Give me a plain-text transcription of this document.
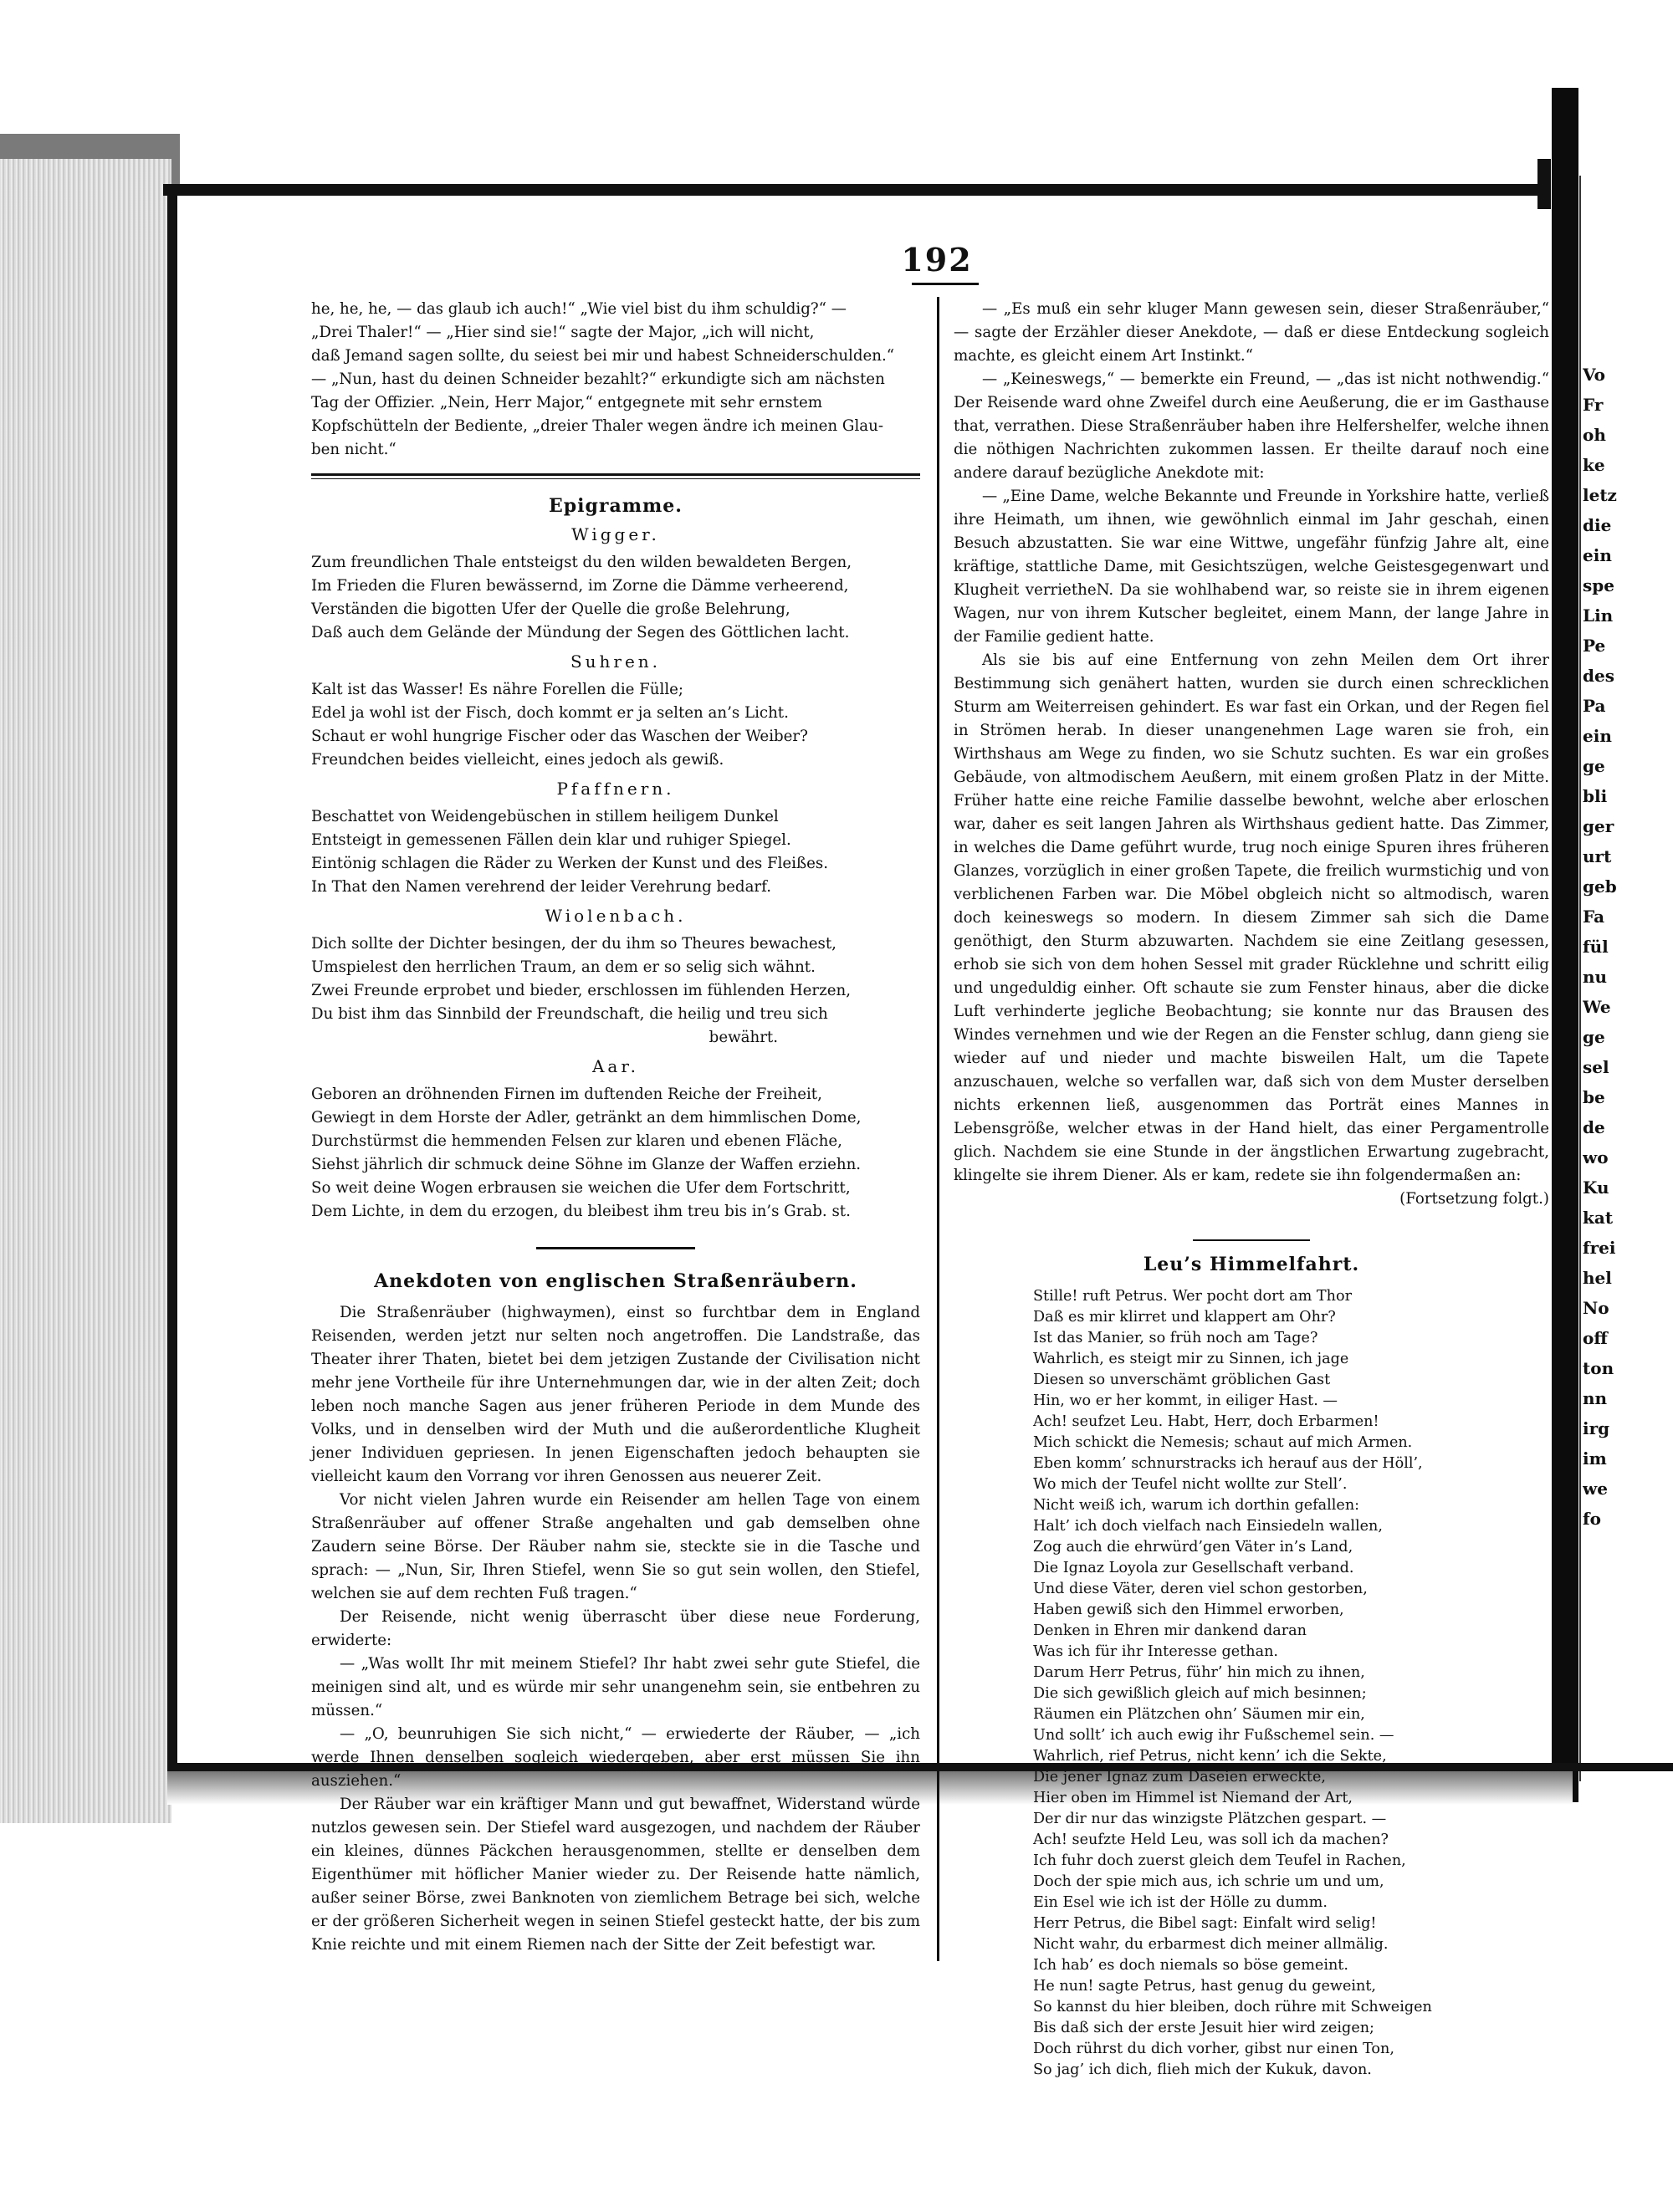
192

he, he, he, — das glaub ich auch!“ „Wie viel bist du ihm schuldig?“ —

„Drei Thaler!“ — „Hier sind sie!“ sagte der Major, „ich will nicht,

daß Jemand sagen sollte, du seiest bei mir und habest Schneiderschulden.“

— „Nun, hast du deinen Schneider bezahlt?“ erkundigte sich am nächsten

Tag der Offizier. „Nein, Herr Major,“ entgegnete mit sehr ernstem

Kopfschütteln der Bediente, „dreier Thaler wegen ändre ich meinen Glau-

ben nicht.“

Epigramme.
Wigger.

Zum freundlichen Thale entsteigst du den wilden bewaldeten Bergen,

Im Frieden die Fluren bewässernd, im Zorne die Dämme verheerend,

Verständen die bigotten Ufer der Quelle die große Belehrung,

Daß auch dem Gelände der Mündung der Segen des Göttlichen lacht.

Suhren.

Kalt ist das Wasser! Es nähre Forellen die Fülle;

Edel ja wohl ist der Fisch, doch kommt er ja selten an’s Licht.

Schaut er wohl hungrige Fischer oder das Waschen der Weiber?

Freundchen beides vielleicht, eines jedoch als gewiß.

Pfaffnern.

Beschattet von Weidengebüschen in stillem heiligem Dunkel

Entsteigt in gemessenen Fällen dein klar und ruhiger Spiegel.

Eintönig schlagen die Räder zu Werken der Kunst und des Fleißes.

In That den Namen verehrend der leider Verehrung bedarf.

Wiolenbach.

Dich sollte der Dichter besingen, der du ihm so Theures bewachest,

Umspielest den herrlichen Traum, an dem er so selig sich wähnt.

Zwei Freunde erprobet und bieder, erschlossen im fühlenden Herzen,

Du bist ihm das Sinnbild der Freundschaft, die heilig und treu sich

bewährt.

Aar.

Geboren an dröhnenden Firnen im duftenden Reiche der Freiheit,

Gewiegt in dem Horste der Adler, getränkt an dem himmlischen Dome,

Durchstürmst die hemmenden Felsen zur klaren und ebenen Fläche,

Siehst jährlich dir schmuck deine Söhne im Glanze der Waffen erziehn.

So weit deine Wogen erbrausen sie weichen die Ufer dem Fortschritt,

Dem Lichte, in dem du erzogen, du bleibest ihm treu bis in’s Grab. st.

Anekdoten von englischen Straßenräubern.

Die Straßenräuber (highwaymen), einst so furchtbar dem in England Reisenden, werden jetzt nur selten noch angetroffen. Die Landstraße, das Theater ihrer Thaten, bietet bei dem jetzigen Zustande der Civilisation nicht mehr jene Vortheile für ihre Unternehmungen dar, wie in der alten Zeit; doch leben noch manche Sagen aus jener früheren Periode in dem Munde des Volks, und in denselben wird der Muth und die außerordentliche Klugheit jener Individuen gepriesen. In jenen Eigenschaften jedoch behaupten sie vielleicht kaum den Vorrang vor ihren Genossen aus neuerer Zeit.

Vor nicht vielen Jahren wurde ein Reisender am hellen Tage von einem Straßenräuber auf offener Straße angehalten und gab demselben ohne Zaudern seine Börse. Der Räuber nahm sie, steckte sie in die Tasche und sprach: — „Nun, Sir, Ihren Stiefel, wenn Sie so gut sein wollen, den Stiefel, welchen sie auf dem rechten Fuß tragen.“

Der Reisende, nicht wenig überrascht über diese neue Forderung, erwiderte:

— „Was wollt Ihr mit meinem Stiefel? Ihr habt zwei sehr gute Stiefel, die meinigen sind alt, und es würde mir sehr unangenehm sein, sie entbehren zu müssen.“

— „O, beunruhigen Sie sich nicht,“ — erwiederte der Räuber, — „ich werde Ihnen denselben sogleich wiedergeben, aber erst müssen Sie ihn ausziehen.“

Der Räuber war ein kräftiger Mann und gut bewaffnet, Widerstand würde nutzlos gewesen sein. Der Stiefel ward ausgezogen, und nachdem der Räuber ein kleines, dünnes Päckchen herausgenommen, stellte er denselben dem Eigenthümer mit höflicher Manier wieder zu. Der Reisende hatte nämlich, außer seiner Börse, zwei Banknoten von ziemlichem Betrage bei sich, welche er der größeren Sicherheit wegen in seinen Stiefel gesteckt hatte, der bis zum Knie reichte und mit einem Riemen nach der Sitte der Zeit befestigt war.

— „Es muß ein sehr kluger Mann gewesen sein, dieser Straßenräuber,“ — sagte der Erzähler dieser Anekdote, — daß er diese Entdeckung sogleich machte, es gleicht einem Art Instinkt.“

— „Keineswegs,“ — bemerkte ein Freund, — „das ist nicht nothwendig.“ Der Reisende ward ohne Zweifel durch eine Aeußerung, die er im Gasthause that, verrathen. Diese Straßenräuber haben ihre Helfershelfer, welche ihnen die nöthigen Nachrichten zukommen lassen. Er theilte darauf noch eine andere darauf bezügliche Anekdote mit:

— „Eine Dame, welche Bekannte und Freunde in Yorkshire hatte, verließ ihre Heimath, um ihnen, wie gewöhnlich einmal im Jahr geschah, einen Besuch abzustatten. Sie war eine Wittwe, ungefähr fünfzig Jahre alt, eine kräftige, stattliche Dame, mit Gesichtszügen, welche Geistesgegenwart und Klugheit verrietheN. Da sie wohlhabend war, so reiste sie in ihrem eigenen Wagen, nur von ihrem Kutscher begleitet, einem Mann, der lange Jahre in der Familie gedient hatte.

Als sie bis auf eine Entfernung von zehn Meilen dem Ort ihrer Bestimmung sich genähert hatten, wurden sie durch einen schrecklichen Sturm am Weiterreisen gehindert. Es war fast ein Orkan, und der Regen fiel in Strömen herab. In dieser unangenehmen Lage waren sie froh, ein Wirthshaus am Wege zu finden, wo sie Schutz suchten. Es war ein großes Gebäude, von altmodischem Aeußern, mit einem großen Platz in der Mitte. Früher hatte eine reiche Familie dasselbe bewohnt, welche aber erloschen war, daher es seit langen Jahren als Wirthshaus gedient hatte. Das Zimmer, in welches die Dame geführt wurde, trug noch einige Spuren ihres früheren Glanzes, vorzüglich in einer großen Tapete, die freilich wurmstichig und von verblichenen Farben war. Die Möbel obgleich nicht so altmodisch, waren doch keineswegs so modern. In diesem Zimmer sah sich die Dame genöthigt, den Sturm abzuwarten. Nachdem sie eine Zeitlang gesessen, erhob sie sich von dem hohen Sessel mit grader Rücklehne und schritt eilig und ungeduldig einher. Oft schaute sie zum Fenster hinaus, aber die dicke Luft verhinderte jegliche Beobachtung; sie konnte nur das Brausen des Windes vernehmen und wie der Regen an die Fenster schlug, dann gieng sie wieder auf und nieder und machte bisweilen Halt, um die Tapete anzuschauen, welche so verfallen war, daß sich von dem Muster derselben nichts erkennen ließ, ausgenommen das Porträt eines Mannes in Lebensgröße, welcher etwas in der Hand hielt, das einer Pergamentrolle glich. Nachdem sie eine Stunde in der ängstlichen Erwartung zugebracht, klingelte sie ihrem Diener. Als er kam, redete sie ihn folgendermaßen an:

(Fortsetzung folgt.)

Leu’s Himmelfahrt.

Stille! ruft Petrus. Wer pocht dort am Thor

Daß es mir klirret und klappert am Ohr?

Ist das Manier, so früh noch am Tage?

Wahrlich, es steigt mir zu Sinnen, ich jage

Diesen so unverschämt gröblichen Gast

Hin, wo er her kommt, in eiliger Hast. —

Ach! seufzet Leu. Habt, Herr, doch Erbarmen!

Mich schickt die Nemesis; schaut auf mich Armen.

Eben komm’ schnurstracks ich herauf aus der Höll’,

Wo mich der Teufel nicht wollte zur Stell’.

Nicht weiß ich, warum ich dorthin gefallen:

Halt’ ich doch vielfach nach Einsiedeln wallen,

Zog auch die ehrwürd’gen Väter in’s Land,

Die Ignaz Loyola zur Gesellschaft verband.

Und diese Väter, deren viel schon gestorben,

Haben gewiß sich den Himmel erworben,

Denken in Ehren mir dankend daran

Was ich für ihr Interesse gethan.

Darum Herr Petrus, führ’ hin mich zu ihnen,

Die sich gewißlich gleich auf mich besinnen;

Räumen ein Plätzchen ohn’ Säumen mir ein,

Und sollt’ ich auch ewig ihr Fußschemel sein. —

Wahrlich, rief Petrus, nicht kenn’ ich die Sekte,

Die jener Ignaz zum Daseien erweckte,

Hier oben im Himmel ist Niemand der Art,

Der dir nur das winzigste Plätzchen gespart. —

Ach! seufzte Held Leu, was soll ich da machen?

Ich fuhr doch zuerst gleich dem Teufel in Rachen,

Doch der spie mich aus, ich schrie um und um,

Ein Esel wie ich ist der Hölle zu dumm.

Herr Petrus, die Bibel sagt: Einfalt wird selig!

Nicht wahr, du erbarmest dich meiner allmälig.

Ich hab’ es doch niemals so böse gemeint.

He nun! sagte Petrus, hast genug du geweint,

So kannst du hier bleiben, doch rühre mit Schweigen

Bis daß sich der erste Jesuit hier wird zeigen;

Doch rührst du dich vorher, gibst nur einen Ton,

So jag’ ich dich, flieh mich der Kukuk, davon.

Vo
Fr
oh
ke
letz
die
ein
spe
Lin
Pe
des
Pa
ein
ge
bli
ger
urt
geb
Fa
fül
nu
We
ge
sel
be
de
wo
Ku
kat
frei
hel
No
off
ton
nn
irg
im
we
fo
